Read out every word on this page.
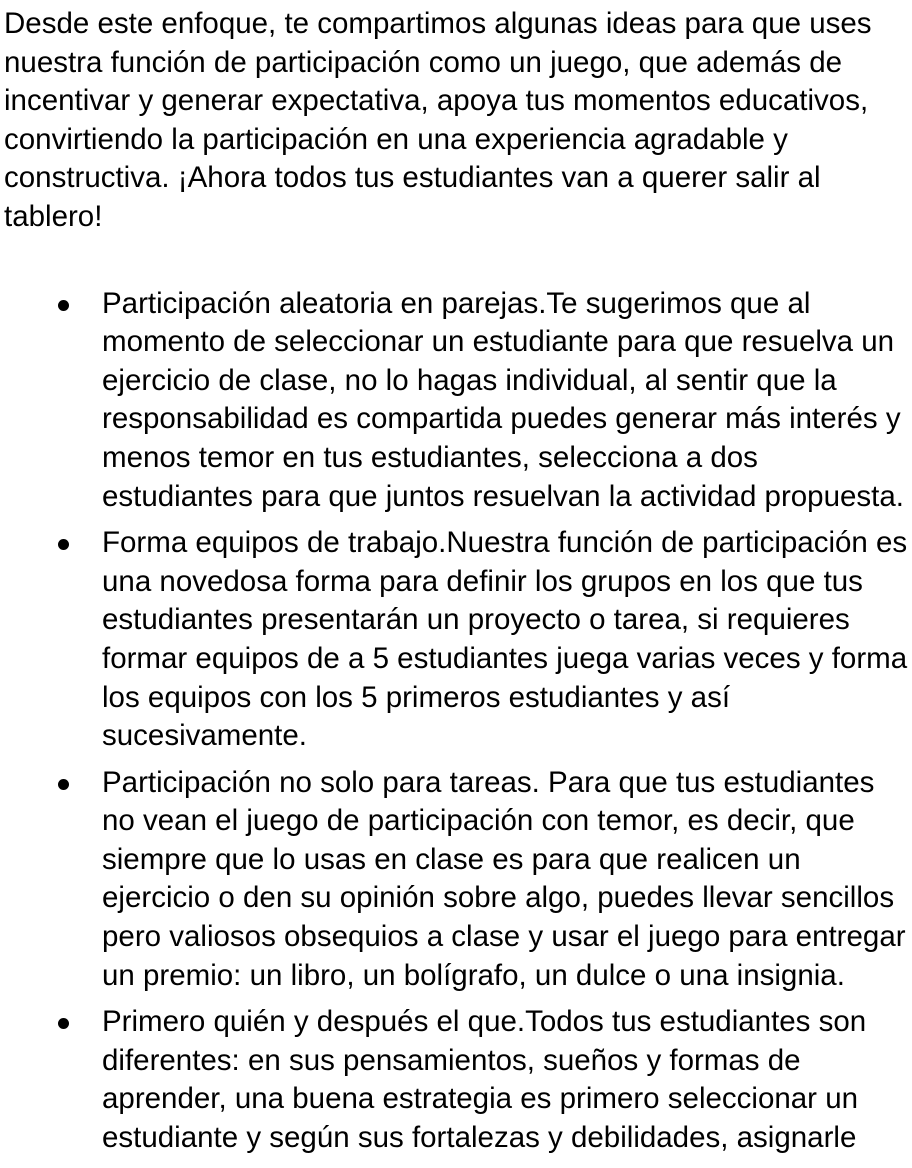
Desde este enfoque, te compartimos algunas ideas para que uses
nuestra función de participación como un juego, que además de
incentivar y generar expectativa, apoya tus momentos educativos,
convirtiendo la participación en una experiencia agradable y
constructiva. ¡Ahora todos tus estudiantes van a querer salir al
tablero!
Participación aleatoria en parejas.Te sugerimos que al
momento de seleccionar un estudiante para que resuelva un
ejercicio de clase, no lo hagas individual, al sentir que la
responsabilidad es compartida puedes generar más interés y
menos temor en tus estudiantes, selecciona a dos
estudiantes para que juntos resuelvan la actividad propuesta.
Forma equipos de trabajo.Nuestra función de participación es
una novedosa forma para definir los grupos en los que tus
estudiantes presentarán un proyecto o tarea, si requieres
formar equipos de a 5 estudiantes juega varias veces y forma
los equipos con los 5 primeros estudiantes y así
sucesivamente.
Participación no solo para tareas. Para que tus estudiantes
no vean el juego de participación con temor, es decir, que
siempre que lo usas en clase es para que realicen un
ejercicio o den su opinión sobre algo, puedes llevar sencillos
pero valiosos obsequios a clase y usar el juego para entregar
un premio: un libro, un bolígrafo, un dulce o una insignia.
Primero quién y después el que.Todos tus estudiantes son
diferentes: en sus pensamientos, sueños y formas de
aprender, una buena estrategia es primero seleccionar un
estudiante y según sus fortalezas y debilidades, asignarle
